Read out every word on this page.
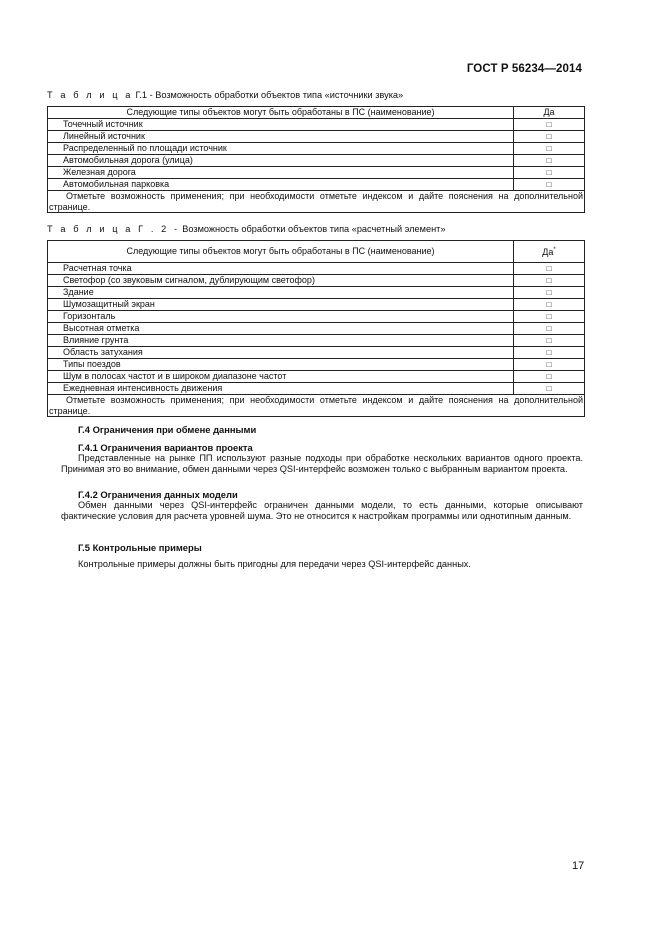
ГОСТ Р 56234—2014
Т а б л и ц а Г.1 - Возможность обработки объектов типа «источники звука»
Следующие типы объектов могут быть обработаны в ПС (наименование)	Да
Точечный источник	□
Линейный источник	□
Распределенный по площади источник	□
Автомобильная дорога (улица)	□
Железная дорога	□
Автомобильная парковка	□
Отметьте возможность применения; при необходимости отметьте индексом и дайте пояснения на дополнительной странице.	
Т а б л и ц а Г . 2 - Возможность обработки объектов типа «расчетный элемент»
Следующие типы объектов могут быть обработаны в ПС (наименование)	Да*
Расчетная точка	□
Светофор (со звуковым сигналом, дублирующим светофор)	□
Здание	□
Шумозащитный экран	□
Горизонталь	□
Высотная отметка	□
Влияние грунта	□
Область затухания	□
Типы поездов	□
Шум в полосах частот и в широком диапазоне частот	□
Ежедневная интенсивность движения	□
Отметьте возможность применения; при необходимости отметьте индексом и дайте пояснения на дополнительной странице.	
Г.4 Ограничения при обмене данными
Г.4.1 Ограничения вариантов проекта
Представленные на рынке ПП используют разные подходы при обработке нескольких вариантов одного проекта. Принимая это во внимание, обмен данными через QSI-интерфейс возможен только с выбранным вариантом проекта.
Г.4.2 Ограничения данных модели
Обмен данными через QSI-интерфейс ограничен данными модели, то есть данными, которые описывают фактические условия для расчета уровней шума. Это не относится к настройкам программы или однотипным данным.
Г.5 Контрольные примеры
Контрольные примеры должны быть пригодны для передачи через QSI-интерфейс данных.
17
